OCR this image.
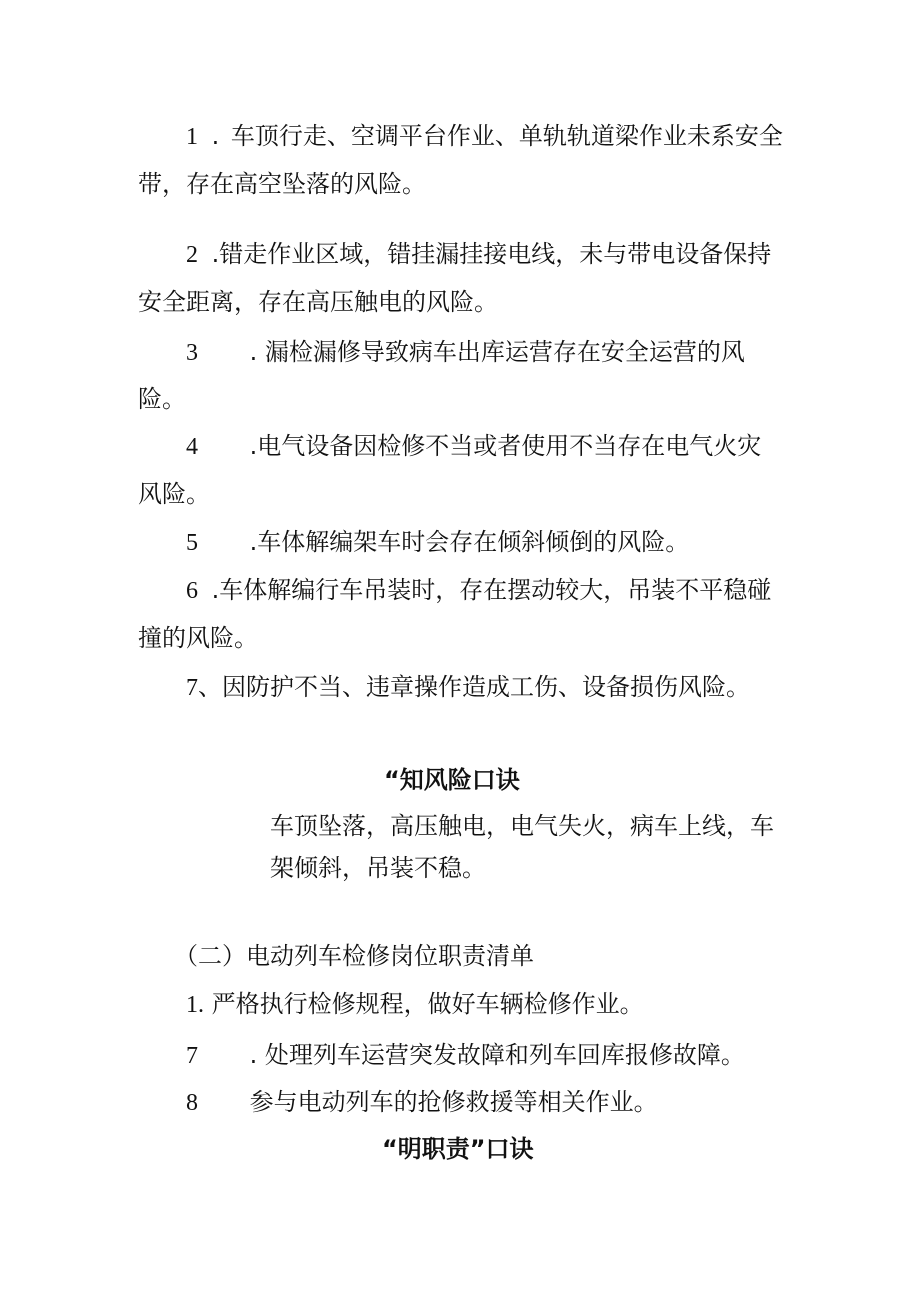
1 . 车顶行走、空调平台作业、单轨轨道梁作业未系安全
带，存在高空坠落的风险。
2 .错走作业区域，错挂漏挂接电线，未与带电设备保持
安全距离，存在高压触电的风险。
3 . 漏检漏修导致病车出库运营存在安全运营的风
险。
4 .电气设备因检修不当或者使用不当存在电气火灾
风险。
5 .车体解编架车时会存在倾斜倾倒的风险。
6 .车体解编行车吊装时，存在摆动较大，吊装不平稳碰
撞的风险。
7、因防护不当、违章操作造成工伤、设备损伤风险。
“知风险口诀
车顶坠落，高压触电，电气失火，病车上线，车
架倾斜，吊装不稳。
（二）电动列车检修岗位职责清单
1. 严格执行检修规程，做好车辆检修作业。
7 . 处理列车运营突发故障和列车回库报修故障。
8 参与电动列车的抢修救援等相关作业。
“明职责”口诀
